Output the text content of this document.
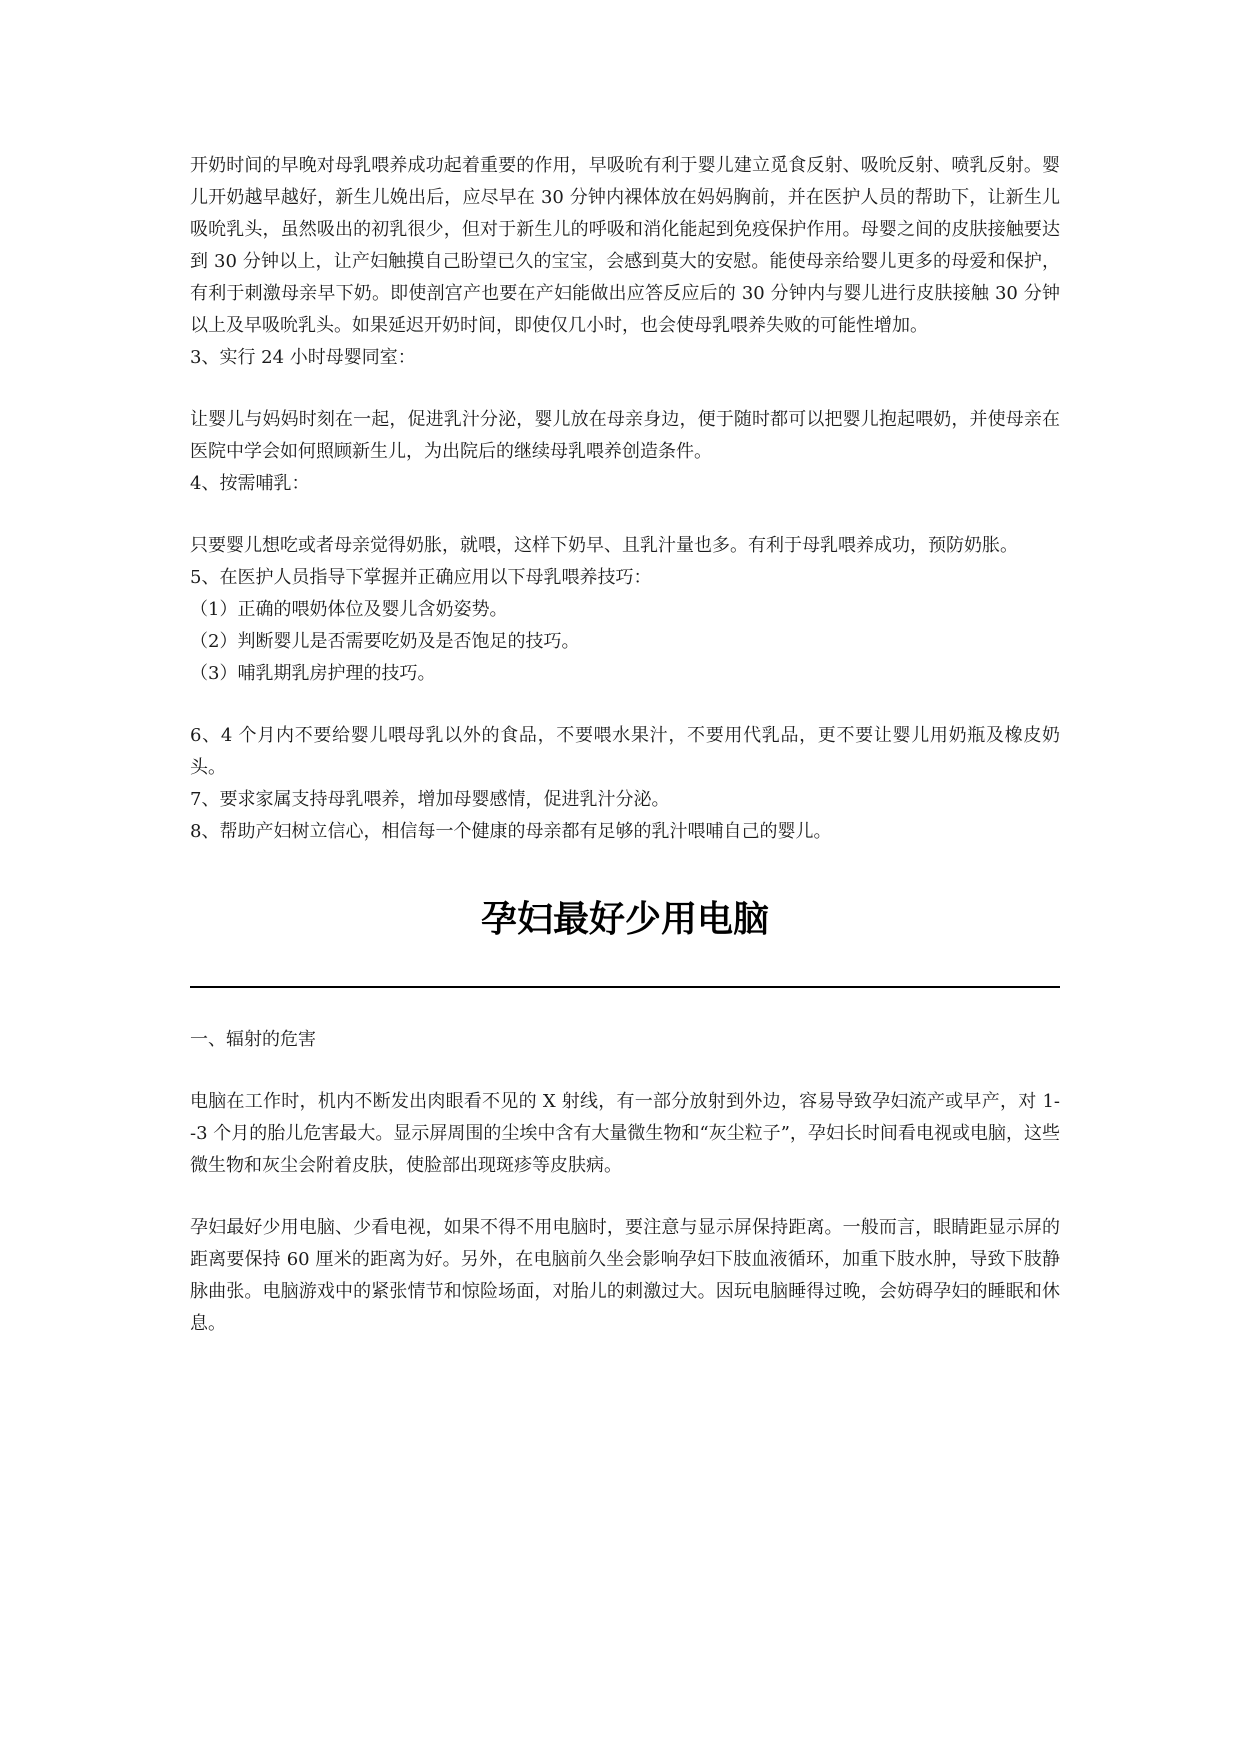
开奶时间的早晚对母乳喂养成功起着重要的作用，早吸吮有利于婴儿建立觅食反射、吸吮反射、喷乳反射。婴儿开奶越早越好，新生儿娩出后，应尽早在 30 分钟内裸体放在妈妈胸前，并在医护人员的帮助下，让新生儿吸吮乳头，虽然吸出的初乳很少，但对于新生儿的呼吸和消化能起到免疫保护作用。母婴之间的皮肤接触要达到 30 分钟以上，让产妇触摸自己盼望已久的宝宝，会感到莫大的安慰。能使母亲给婴儿更多的母爱和保护，有利于刺激母亲早下奶。即使剖宫产也要在产妇能做出应答反应后的 30 分钟内与婴儿进行皮肤接触 30 分钟以上及早吸吮乳头。如果延迟开奶时间，即使仅几小时，也会使母乳喂养失败的可能性增加。

3、实行 24 小时母婴同室：

让婴儿与妈妈时刻在一起，促进乳汁分泌，婴儿放在母亲身边，便于随时都可以把婴儿抱起喂奶，并使母亲在医院中学会如何照顾新生儿，为出院后的继续母乳喂养创造条件。

4、按需哺乳：

只要婴儿想吃或者母亲觉得奶胀，就喂，这样下奶早、且乳汁量也多。有利于母乳喂养成功，预防奶胀。

5、在医护人员指导下掌握并正确应用以下母乳喂养技巧：

（1）正确的喂奶体位及婴儿含奶姿势。

（2）判断婴儿是否需要吃奶及是否饱足的技巧。

（3）哺乳期乳房护理的技巧。

6、4 个月内不要给婴儿喂母乳以外的食品，不要喂水果汁，不要用代乳品，更不要让婴儿用奶瓶及橡皮奶头。

7、要求家属支持母乳喂养，增加母婴感情，促进乳汁分泌。

8、帮助产妇树立信心，相信每一个健康的母亲都有足够的乳汁喂哺自己的婴儿。

孕妇最好少用电脑

一、辐射的危害

电脑在工作时，机内不断发出肉眼看不见的 X 射线，有一部分放射到外边，容易导致孕妇流产或早产，对 1--3 个月的胎儿危害最大。显示屏周围的尘埃中含有大量微生物和“灰尘粒子”，孕妇长时间看电视或电脑，这些微生物和灰尘会附着皮肤，使脸部出现斑疹等皮肤病。

孕妇最好少用电脑、少看电视，如果不得不用电脑时，要注意与显示屏保持距离。一般而言，眼睛距显示屏的距离要保持 60 厘米的距离为好。另外，在电脑前久坐会影响孕妇下肢血液循环，加重下肢水肿，导致下肢静脉曲张。电脑游戏中的紧张情节和惊险场面，对胎儿的刺激过大。因玩电脑睡得过晚，会妨碍孕妇的睡眠和休息。
